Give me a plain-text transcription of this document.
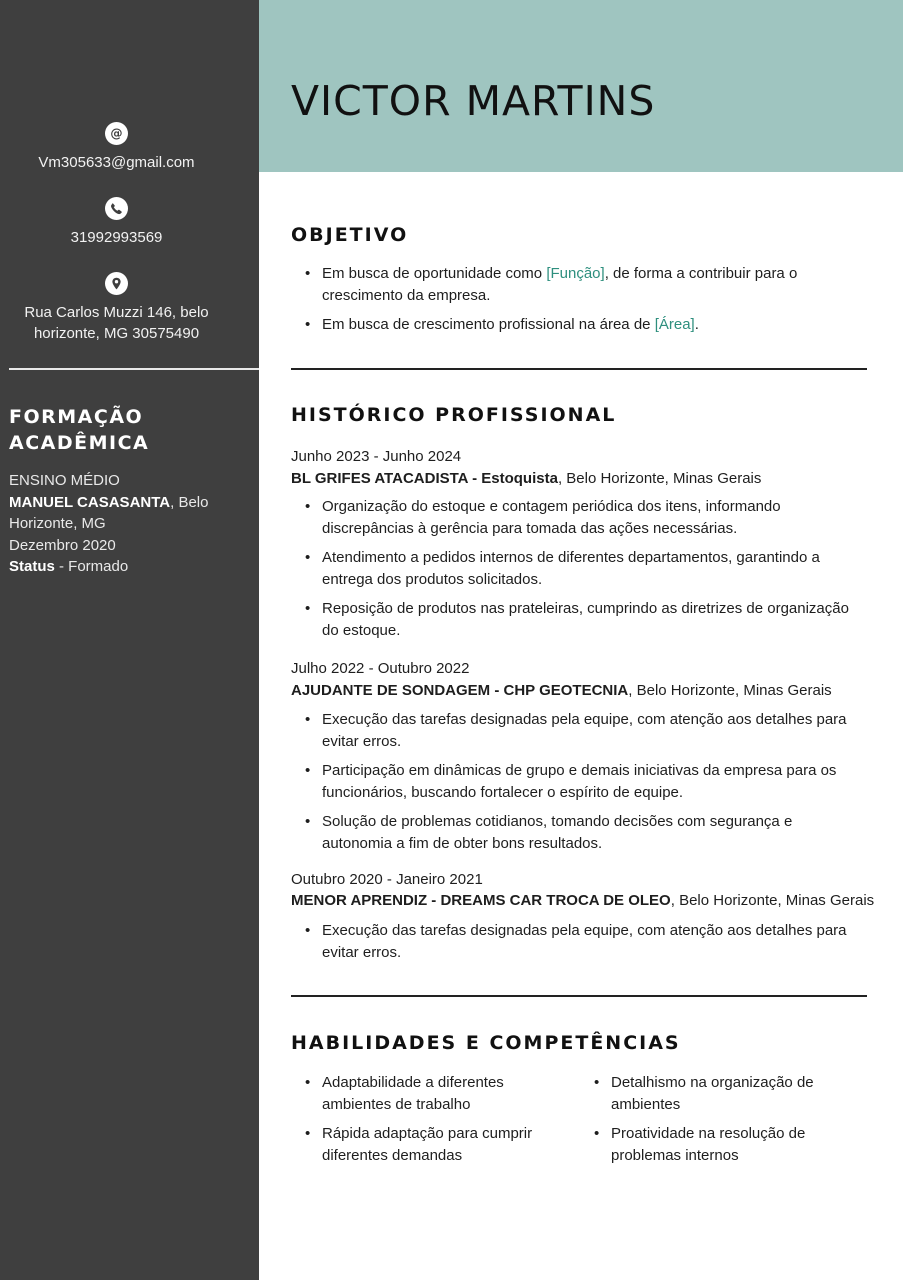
@
Vm305633@gmail.com
31992993569
Rua Carlos Muzzi 146, belo
horizonte, MG 30575490
FORMAÇÃO
ACADÊMICA
ENSINO MÉDIO
MANUEL CASASANTA, Belo
Horizonte, MG
Dezembro 2020
Status - Formado
VICTOR MARTINS
OBJETIVO
• Em busca de oportunidade como [Função], de forma a contribuir para o
crescimento da empresa.
• Em busca de crescimento profissional na área de [Área].
HISTÓRICO PROFISSIONAL
Junho 2023 - Junho 2024
BL GRIFES ATACADISTA - Estoquista, Belo Horizonte, Minas Gerais
• Organização do estoque e contagem periódica dos itens, informando
discrepâncias à gerência para tomada das ações necessárias.
• Atendimento a pedidos internos de diferentes departamentos, garantindo a
entrega dos produtos solicitados.
• Reposição de produtos nas prateleiras, cumprindo as diretrizes de organização
do estoque.
Julho 2022 - Outubro 2022
AJUDANTE DE SONDAGEM - CHP GEOTECNIA, Belo Horizonte, Minas Gerais
• Execução das tarefas designadas pela equipe, com atenção aos detalhes para
evitar erros.
• Participação em dinâmicas de grupo e demais iniciativas da empresa para os
funcionários, buscando fortalecer o espírito de equipe.
• Solução de problemas cotidianos, tomando decisões com segurança e
autonomia a fim de obter bons resultados.
Outubro 2020 - Janeiro 2021
MENOR APRENDIZ - DREAMS CAR TROCA DE OLEO, Belo Horizonte, Minas Gerais
• Execução das tarefas designadas pela equipe, com atenção aos detalhes para
evitar erros.
HABILIDADES E COMPETÊNCIAS
• Adaptabilidade a diferentes
ambientes de trabalho
• Rápida adaptação para cumprir
diferentes demandas
• Detalhismo na organização de
ambientes
• Proatividade na resolução de
problemas internos
